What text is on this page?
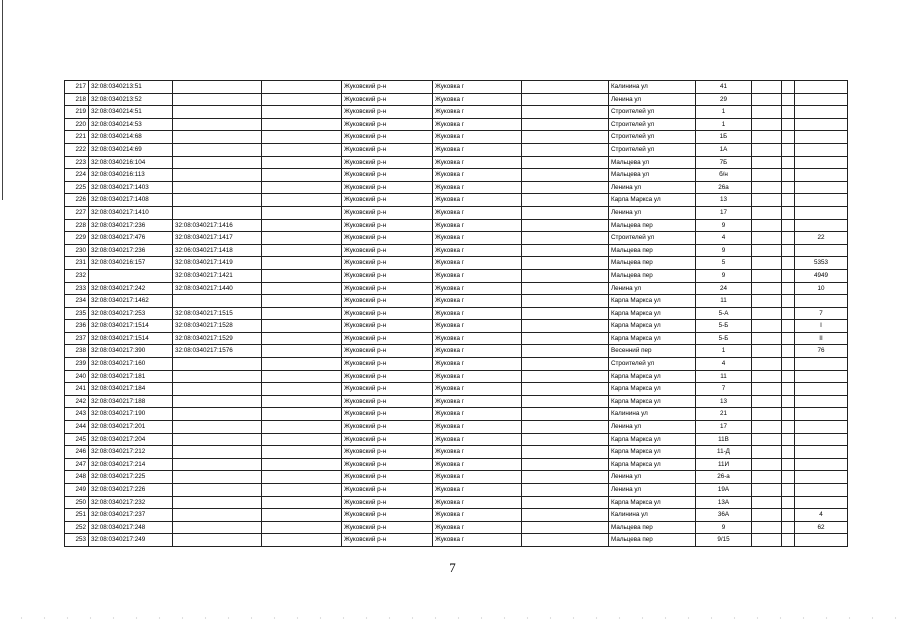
217	32:08:0340213:51			Жуковский р-н	Жуковка г		Калинина ул	41			
218	32:08:0340213:52			Жуковский р-н	Жуковка г		Ленина ул	29			
219	32:08:0340214:51			Жуковский р-н	Жуковка г		Строителей ул	1			
220	32:08:0340214:53			Жуковский р-н	Жуковка г		Строителей ул	1			
221	32:08:0340214:68			Жуковский р-н	Жуковка г		Строителей ул	1Б			
222	32:08:0340214:69			Жуковский р-н	Жуковка г		Строителей ул	1А			
223	32:08:0340216:104			Жуковский р-н	Жуковка г		Мальцева ул	7Б			
224	32:08:0340216:113			Жуковский р-н	Жуковка г		Мальцева ул	б/н			
225	32:08:0340217:1403			Жуковский р-н	Жуковка г		Ленина ул	26а			
226	32:08:0340217:1408			Жуковский р-н	Жуковка г		Карла Маркса ул	13			
227	32:08:0340217:1410			Жуковский р-н	Жуковка г		Ленина ул	17			
228	32:08:0340217:236	32:08:0340217:1416		Жуковский р-н	Жуковка г		Мальцева пер	9			
229	32:08:0340217:476	32:08:0340217:1417		Жуковский р-н	Жуковка г		Строителей ул	4			22
230	32:08:0340217:236	32:06:0340217:1418		Жуковский р-н	Жуковка г		Мальцева пер	9			
231	32:08:0340216:157	32:08:0340217:1419		Жуковский р-н	Жуковка г		Мальцева пер	5			5353
232		32:08:0340217:1421		Жуковский р-н	Жуковка г		Мальцева пер	9			4949
233	32:08:0340217:242	32:08:0340217:1440		Жуковский р-н	Жуковка г		Ленина ул	24			10
234	32:08:0340217:1462			Жуковский р-н	Жуковка г		Карла Маркса ул	11			
235	32:08:0340217:253	32:08:0340217:1515		Жуковский р-н	Жуковка г		Карла Маркса ул	5-А			7
236	32:08:0340217:1514	32:08:0340217:1528		Жуковский р-н	Жуковка г		Карла Маркса ул	5-Б			I
237	32:08:0340217:1514	32:08:0340217:1529		Жуковский р-н	Жуковка г		Карла Маркса ул	5-Б			II
238	32:08:0340217:390	32:08:0340217:1576		Жуковский р-н	Жуковка г		Весенний пер	1			76
239	32:08:0340217:160			Жуковский р-н	Жуковка г		Строителей ул	4			
240	32:08:0340217:181			Жуковский р-н	Жуковка г		Карла Маркса ул	11			
241	32:08:0340217:184			Жуковский р-н	Жуковка г		Карла Маркса ул	7			
242	32:08:0340217:188			Жуковский р-н	Жуковка г		Карла Маркса ул	13			
243	32:08:0340217:190			Жуковский р-н	Жуковка г		Калинина ул	21			
244	32:08:0340217:201			Жуковский р-н	Жуковка г		Ленина ул	17			
245	32:08:0340217:204			Жуковский р-н	Жуковка г		Карла Маркса ул	11В			
246	32:08:0340217:212			Жуковский р-н	Жуковка г		Карла Маркса ул	11-Д			
247	32:08:0340217:214			Жуковский р-н	Жуковка г		Карла Маркса ул	11И			
248	32:08:0340217:225			Жуковский р-н	Жуковка г		Ленина ул	26-а			
249	32:08:0340217:226			Жуковский р-н	Жуковка г		Ленина ул	19А			
250	32:08:0340217:232			Жуковский р-н	Жуковка г		Карла Маркса ул	13А			
251	32:08:0340217:237			Жуковский р-н	Жуковка г		Калинина ул	36А			4
252	32:08:0340217:248			Жуковский р-н	Жуковка г		Мальцева пер	9			62
253	32:08:0340217:249			Жуковский р-н	Жуковка г		Мальцева пер	9/15			
7
